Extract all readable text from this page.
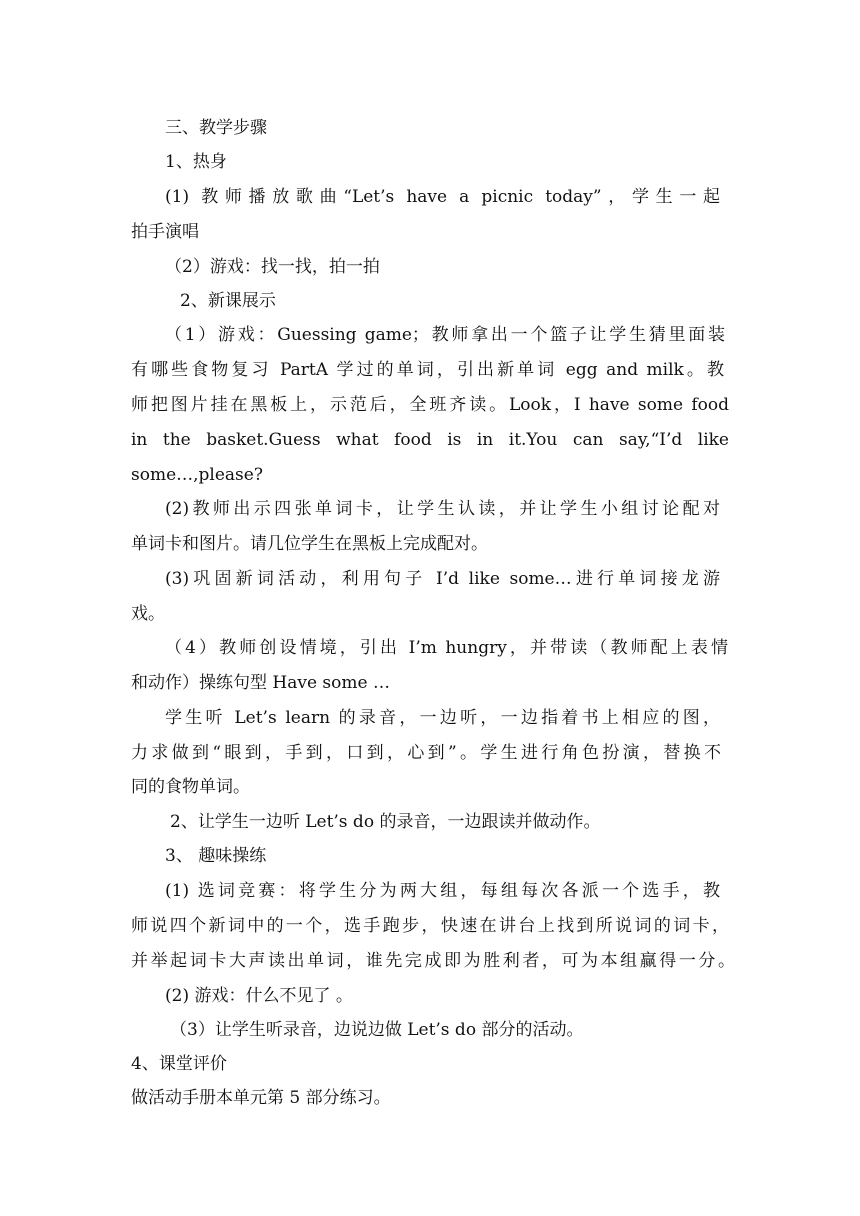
三、教学步骤
1、热身
(1) 教师播放歌曲“Let’s have a picnic today”，学生一起
拍手演唱
（2）游戏：找一找，拍一拍
2、新课展示
（1）游戏：Guessing game；教师拿出一个篮子让学生猜里面装
有哪些食物复习 PartA 学过的单词，引出新单词 egg and milk。教
师把图片挂在黑板上，示范后，全班齐读。Look，I have some food
in the basket.Guess what food is in it.You can say,“I’d like
some…,please?
(2)教师出示四张单词卡，让学生认读，并让学生小组讨论配对
单词卡和图片。请几位学生在黑板上完成配对。
(3)巩固新词活动，利用句子 I’d like some…进行单词接龙游
戏。
（4）教师创设情境，引出 I’m hungry，并带读（教师配上表情
和动作）操练句型 Have some …
学生听 Let’s learn 的录音，一边听，一边指着书上相应的图，
力求做到“眼到，手到，口到，心到”。学生进行角色扮演，替换不
同的食物单词。
2、让学生一边听 Let’s do 的录音，一边跟读并做动作。
3、 趣味操练
(1) 选词竞赛：将学生分为两大组，每组每次各派一个选手，教
师说四个新词中的一个，选手跑步，快速在讲台上找到所说词的词卡，
并举起词卡大声读出单词，谁先完成即为胜利者，可为本组赢得一分。
(2) 游戏：什么不见了 。
（3）让学生听录音，边说边做 Let’s do 部分的活动。
4、课堂评价
做活动手册本单元第 5 部分练习。
